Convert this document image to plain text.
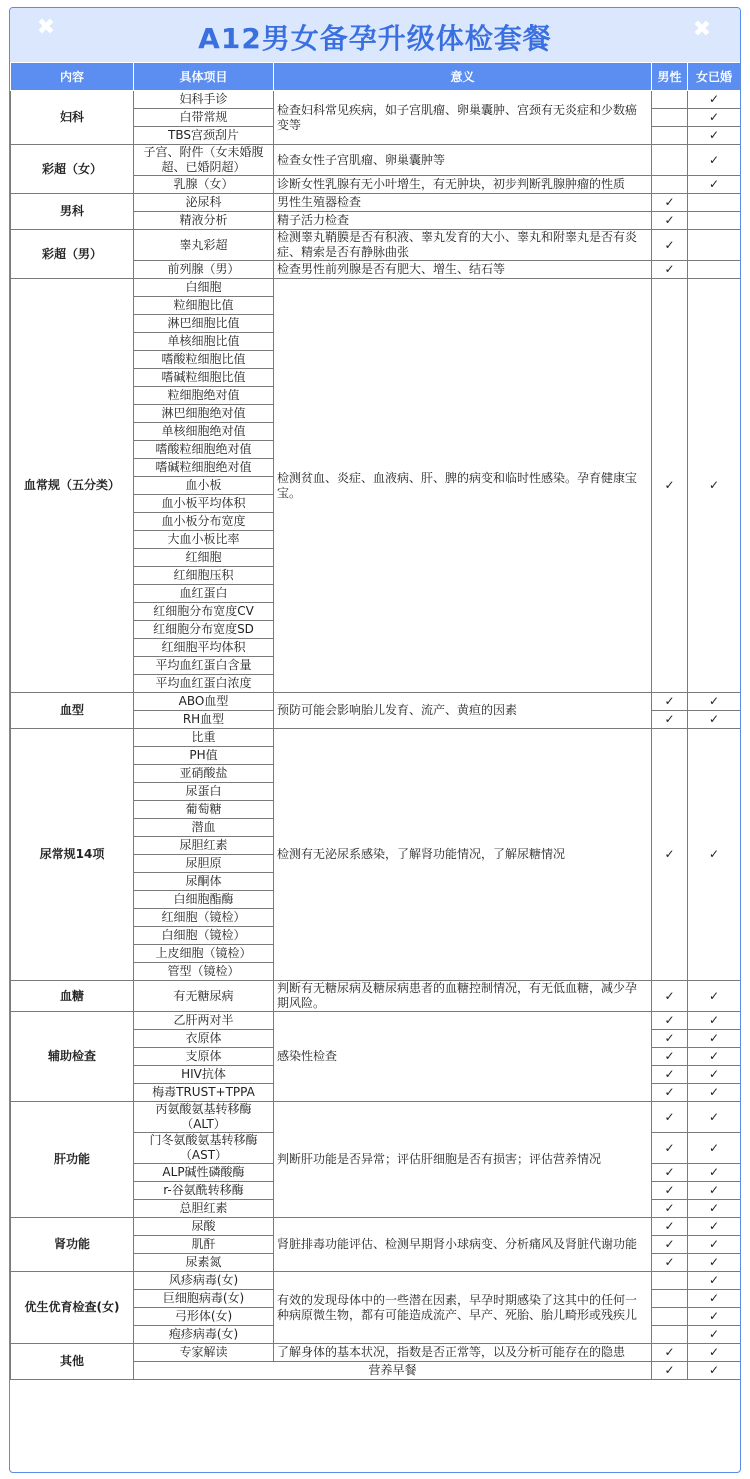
✖	A12男女备孕升级体检套餐	✖
内容	具体项目	意义	男性	女已婚
妇科	妇科手诊	检查妇科常见疾病，如子宫肌瘤、卵巢囊肿、宫颈有无炎症和少数癌变等		✓
	白带常规			✓
	TBS宫颈刮片			✓
彩超（女）	子宫、附件（女未婚腹超、已婚阴超）	检查女性子宫肌瘤、卵巢囊肿等		✓
	乳腺（女）	诊断女性乳腺有无小叶增生，有无肿块，初步判断乳腺肿瘤的性质		✓
男科	泌尿科	男性生殖器检查	✓	
	精液分析	精子活力检查	✓	
彩超（男）	睾丸彩超	检测睾丸鞘膜是否有积液、睾丸发育的大小、睾丸和附睾丸是否有炎症、精索是否有静脉曲张	✓	
	前列腺（男）	检查男性前列腺是否有肥大、增生、结石等	✓	
血常规（五分类）	白细胞	检测贫血、炎症、血液病、肝、脾的病变和临时性感染。孕育健康宝宝。	✓	✓
	粒细胞比值			
	淋巴细胞比值			
	单核细胞比值			
	嗜酸粒细胞比值			
	嗜碱粒细胞比值			
	粒细胞绝对值			
	淋巴细胞绝对值			
	单核细胞绝对值			
	嗜酸粒细胞绝对值			
	嗜碱粒细胞绝对值			
	血小板			
	血小板平均体积			
	血小板分布宽度			
	大血小板比率			
	红细胞			
	红细胞压积			
	血红蛋白			
	红细胞分布宽度CV			
	红细胞分布宽度SD			
	红细胞平均体积			
	平均血红蛋白含量			
	平均血红蛋白浓度			
血型	ABO血型	预防可能会影响胎儿发育、流产、黄疸的因素	✓	✓
	RH血型		✓	✓
尿常规14项	比重	检测有无泌尿系感染，了解肾功能情况，了解尿糖情况	✓	✓
	PH值			
	亚硝酸盐			
	尿蛋白			
	葡萄糖			
	潜血			
	尿胆红素			
	尿胆原			
	尿酮体			
	白细胞酯酶			
	红细胞（镜检）			
	白细胞（镜检）			
	上皮细胞（镜检）			
	管型（镜检）			
血糖	有无糖尿病	判断有无糖尿病及糖尿病患者的血糖控制情况，有无低血糖，减少孕期风险。	✓	✓
辅助检查	乙肝两对半	感染性检查	✓	✓
	衣原体		✓	✓
	支原体		✓	✓
	HIV抗体		✓	✓
	梅毒TRUST+TPPA		✓	✓
肝功能	丙氨酸氨基转移酶（ALT）	判断肝功能是否异常；评估肝细胞是否有损害；评估营养情况	✓	✓
	门冬氨酸氨基转移酶（AST）		✓	✓
	ALP碱性磷酸酶		✓	✓
	r-谷氨酰转移酶		✓	✓
	总胆红素		✓	✓
肾功能	尿酸	肾脏排毒功能评估、检测早期肾小球病变、分析痛风及肾脏代谢功能	✓	✓
	肌酐		✓	✓
	尿素氮		✓	✓
优生优育检查(女)	风疹病毒(女)	有效的发现母体中的一些潜在因素，早孕时期感染了这其中的任何一种病原微生物，都有可能造成流产、早产、死胎、胎儿畸形或残疾儿		✓
	巨细胞病毒(女)			✓
	弓形体(女)			✓
	疱疹病毒(女)			✓
其他	专家解读	了解身体的基本状况，指数是否正常等，以及分析可能存在的隐患	✓	✓
	营养早餐		✓	✓
